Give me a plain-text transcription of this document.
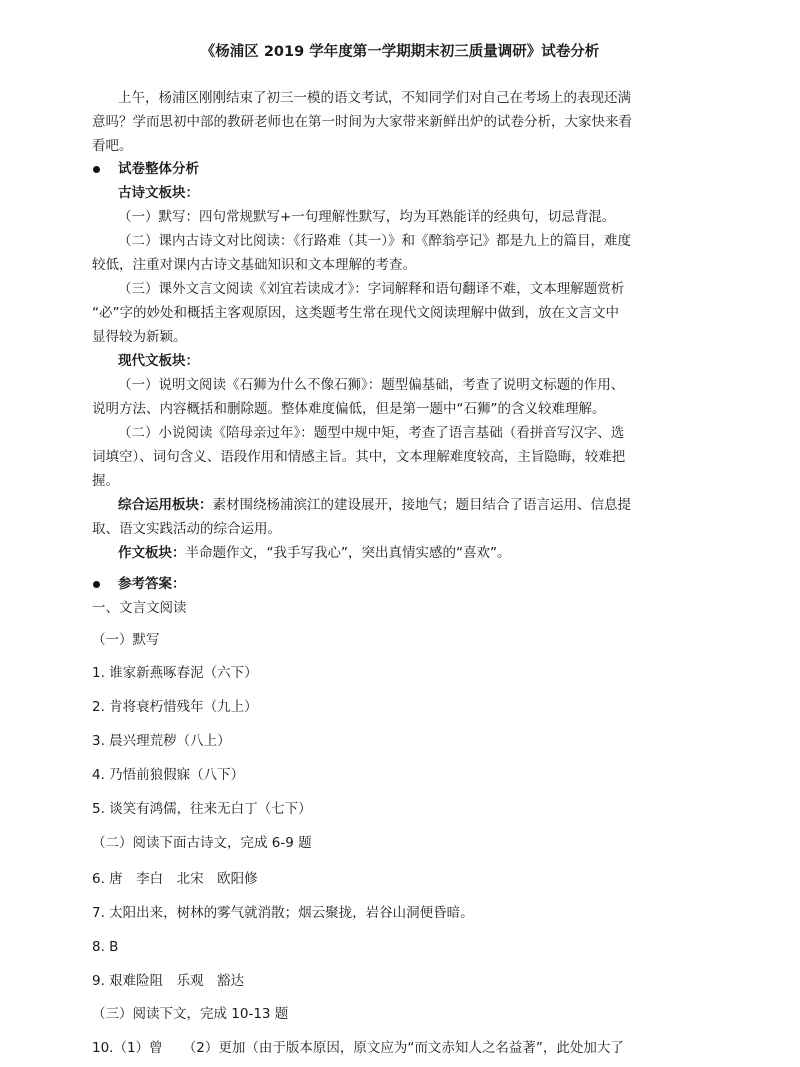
《杨浦区 2019 学年度第一学期期末初三质量调研》试卷分析
上午，杨浦区刚刚结束了初三一模的语文考试，不知同学们对自己在考场上的表现还满
意吗？学而思初中部的教研老师也在第一时间为大家带来新鲜出炉的试卷分析，大家快来看
看吧。
试卷整体分析
古诗文板块：
（一）默写：四句常规默写+一句理解性默写，均为耳熟能详的经典句，切忌背混。
（二）课内古诗文对比阅读：《行路难（其一）》和《醉翁亭记》都是九上的篇目，难度
较低，注重对课内古诗文基础知识和文本理解的考查。
（三）课外文言文阅读《刘宜若读成才》：字词解释和语句翻译不难，文本理解题赏析
“必”字的妙处和概括主客观原因，这类题考生常在现代文阅读理解中做到，放在文言文中
显得较为新颖。
现代文板块：
（一）说明文阅读《石狮为什么不像石狮》：题型偏基础，考查了说明文标题的作用、
说明方法、内容概括和删除题。整体难度偏低，但是第一题中“石狮”的含义较难理解。
（二）小说阅读《陪母亲过年》：题型中规中矩，考查了语言基础（看拼音写汉字、选
词填空）、词句含义、语段作用和情感主旨。其中，文本理解难度较高，主旨隐晦，较难把
握。
综合运用板块：素材围绕杨浦滨江的建设展开，接地气；题目结合了语言运用、信息提
取、语文实践活动的综合运用。
作文板块：半命题作文，“我手写我心”，突出真情实感的“喜欢”。
参考答案：
一、文言文阅读
（一）默写
1. 谁家新燕啄春泥（六下）
2. 肯将衰朽惜残年（九上）
3. 晨兴理荒秽（八上）
4. 乃悟前狼假寐（八下）
5. 谈笑有鸿儒，往来无白丁（七下）
（二）阅读下面古诗文，完成 6-9 题
6. 唐　李白　北宋　欧阳修
7. 太阳出来，树林的雾气就消散；烟云聚拢，岩谷山洞便昏暗。
8. B
9. 艰难险阻　乐观　豁达
（三）阅读下文，完成 10-13 题
10.（1）曾　　（2）更加（由于版本原因，原文应为“而文赤知人之名益著”，此处加大了
